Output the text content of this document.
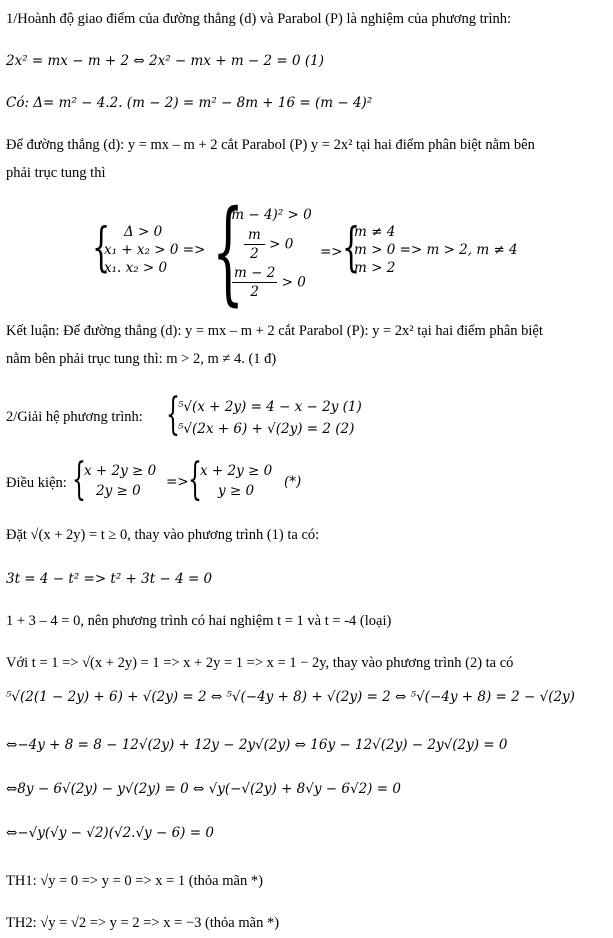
1/Hoành độ giao điểm của đường thẳng (d) và Parabol (P) là nghiệm của phương trình:
2x² = mx − m + 2 ⇔ 2x² − mx + m − 2 = 0 (1)
Có: Δ= m² − 4.2. (m − 2) = m² − 8m + 16 = (m − 4)²
Để đường thẳng (d): y = mx – m + 2 cắt Parabol (P) y = 2x² tại hai điểm phân biệt nằm bên
phải trục tung thì
{	Δ > 0
x₁ + x₂ > 0 =>
x₁. x₂ > 0 {
(m − 4)² > 0
$\frac{m}{2} > 0$
$\frac{m - 2}{2} > 0$
=> {
m ≠ 4
m > 0 => m > 2, m ≠ 4
m > 2
Kết luận: Để đường thẳng (d): y = mx – m + 2 cắt Parabol (P): y = 2x² tại hai điểm phân biệt
nằm bên phải trục tung thì: m > 2, m ≠ 4. (1 đ)
2/Giải hệ phương trình: {
⁵√(x + 2y) = 4 − x − 2y (1)
⁵√(2x + 6) + √(2y) = 2 (2)
Điều kiện: {
x + 2y ≥ 0
2y ≥ 0
=> {
x + 2y ≥ 0
y ≥ 0
(*)
Đặt √(x + 2y) = t ≥ 0, thay vào phương trình (1) ta có:
3t = 4 − t² => t² + 3t − 4 = 0
1 + 3 – 4 = 0, nên phương trình có hai nghiệm t = 1 và t = -4 (loại)
Với t = 1 => √(x + 2y) = 1 => x + 2y = 1 => x = 1 − 2y, thay vào phương trình (2) ta có
⁵√(2(1 − 2y) + 6) + √(2y) = 2 ⇔ ⁵√(−4y + 8) + √(2y) = 2 ⇔ ⁵√(−4y + 8) = 2 − √(2y)
⇔−4y + 8 = 8 − 12√(2y) + 12y − 2y√(2y) ⇔ 16y − 12√(2y) − 2y√(2y) = 0
⇔8y − 6√(2y) − y√(2y) = 0 ⇔ √y(−√(2y) + 8√y − 6√2) = 0
⇔−√y(√y − √2)(√2.√y − 6) = 0
TH1: √y = 0 => y = 0 => x = 1 (thỏa mãn *)
TH2: √y = √2 => y = 2 => x = −3 (thỏa mãn *)
